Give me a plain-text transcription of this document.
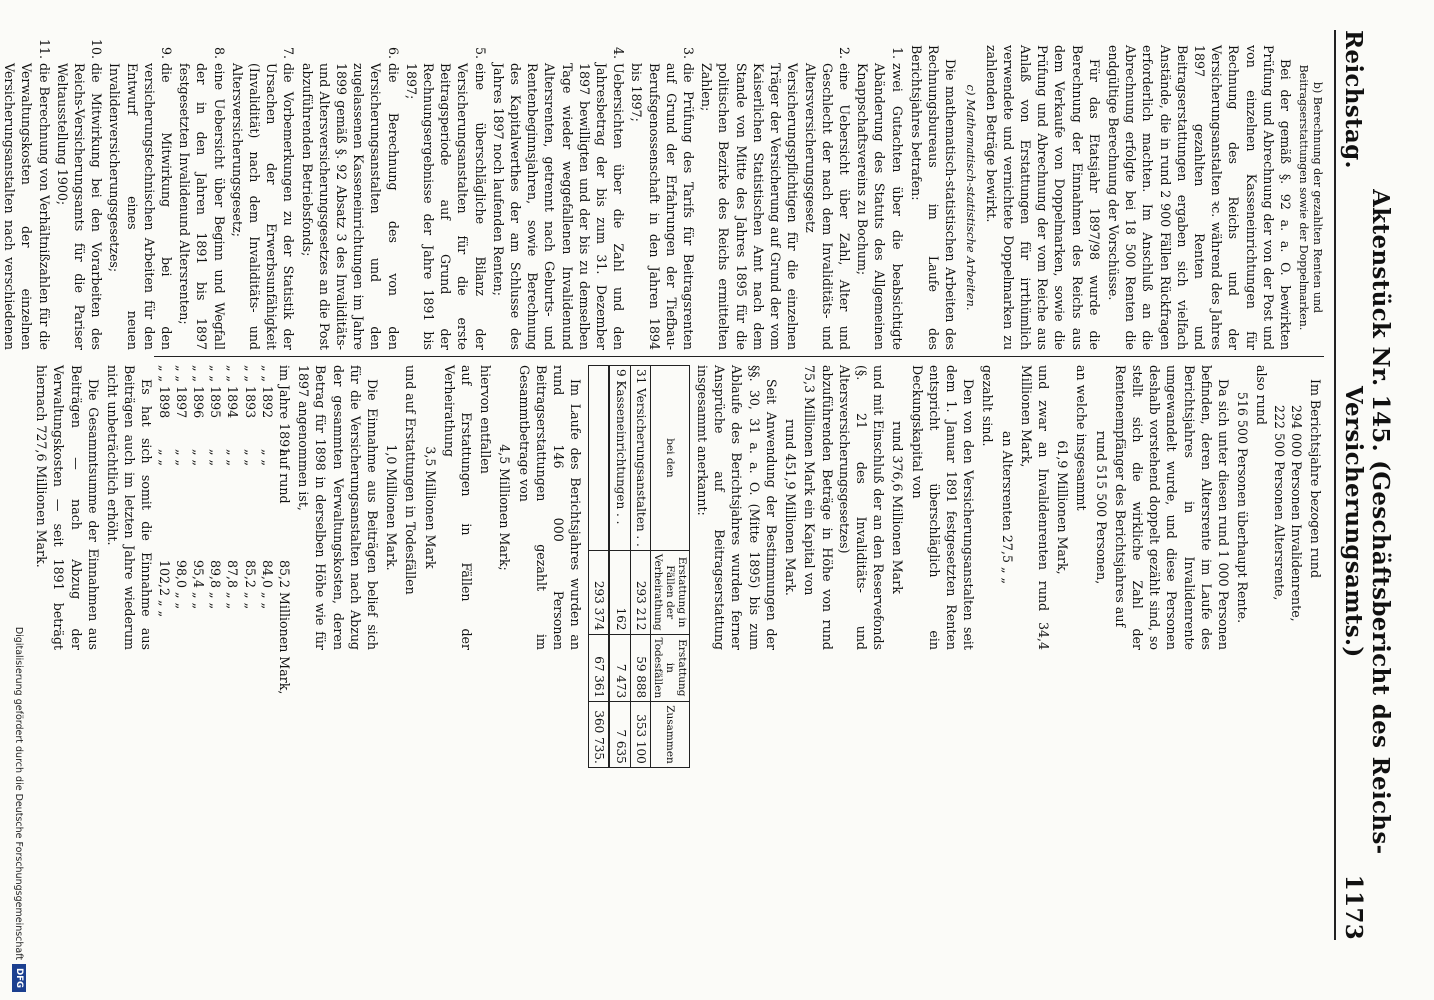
Reichstag.
Aktenstück Nr. 145. (Geschäftsbericht des Reichs-Versicherungsamts.)
1173

b) Berechnung der gezahlten Renten und Beitragserstattungen sowie der Doppelmarken.

Bei der gemäß §. 92 a. a. O. bewirkten Prüfung und Abrechnung der von der Post und von einzelnen Kasseneinrichtungen für Rechnung des Reichs und der Versicherungsanstalten ꝛc. während des Jahres 1897 gezahlten Renten und Beitragserstattungen ergaben sich vielfach Anstände, die in rund 2 900 Fällen Rückfragen erforderlich machten. Im Anschluß an die Abrechnung erfolgte bei 18 500 Renten die endgültige Berechnung der Vorschüsse.

Für das Etatsjahr 1897/98 wurde die Berechnung der Einnahmen des Reichs aus dem Verkaufe von Doppelmarken, sowie die Prüfung und Abrechnung der vom Reiche aus Anlaß von Erstattungen für irrthümlich verwendete und vernichtete Doppelmarken zu zahlenden Beträge bewirkt.

c) Mathematisch-statistische Arbeiten.

Die mathematisch-statistischen Arbeiten des Rechnungsbureaus im Laufe des Berichtsjahres betrafen:

1. zwei Gutachten über die beabsichtigte Abänderung des Statuts des Allgemeinen Knappschaftsvereins zu Bochum;
2. eine Uebersicht über Zahl, Alter und Geschlecht der nach dem Invaliditäts- und Altersversicherungsgesetz Versicherungspflichtigen für die einzelnen Träger der Versicherung auf Grund der vom Kaiserlichen Statistischen Amt nach dem Stande von Mitte des Jahres 1895 für die politischen Bezirke des Reichs ermittelten Zahlen;
3. die Prüfung des Tarifs für Beitragsrenten auf Grund der Erfahrungen der Tiefbau-Berufsgenossenschaft in den Jahren 1894 bis 1897;
4. Uebersichten über die Zahl und den Jahresbetrag der bis zum 31. Dezember 1897 bewilligten und der bis zu demselben Tage wieder weggefallenen Invalidenund Altersrenten, getrennt nach Geburts- und Rentenbeginnsjahren, sowie Berechnung des Kapitalwerthes der am Schlusse des Jahres 1897 noch laufenden Renten;
5. eine überschlägliche Bilanz der Versicherungsanstalten für die erste Beitragsperiode auf Grund der Rechnungsergebnisse der Jahre 1891 bis 1897;
6. die Berechnung des von den Versicherungsanstalten und den zugelassenen Kasseneinrichtungen im Jahre 1899 gemäß §. 92 Absatz 3 des Invaliditäts- und Altersversicherungsgesetzes an die Post abzuführenden Betriebsfonds;
7. die Vorbemerkungen zu der Statistik der Ursachen der Erwerbsunfähigkeit (Invalidität) nach dem Invaliditäts- und Altersversicherungsgesetz;
8. eine Uebersicht über Beginn und Wegfall der in den Jahren 1891 bis 1897 festgesetzten Invalidenund Altersrenten;
9. die Mitwirkung bei den versicherungstechnischen Arbeiten für den Entwurf eines neuen Invalidenversicherungsgesetzes;
10. die Mitwirkung bei den Vorarbeiten des Reichs-Versicherungsamts für die Pariser Weltausstellung 1900;
11. die Berechnung von Verhältnißzahlen für die Verwaltungskosten der einzelnen Versicherungsanstalten nach verschiedenen

Im Berichtsjahre bezogen rund

294 000 Personen Invalidenrente,
222 500 Personen Altersrente,

also rund

516 500 Personen überhaupt Rente.

Da sich unter diesen rund 1 000 Personen befinden, deren Altersrente im Laufe des Berichtsjahres in Invalidenrente umgewandelt wurde, und diese Personen deshalb vorstehend doppelt gezählt sind, so stellt sich die wirkliche Zahl der Rentenempfänger des Berichtsjahres auf

rund 515 500 Personen,

an welche insgesammt

61,9 Millionen Mark,

und zwar an Invalidenrenten rund 34,4 Millionen Mark,

an Altersrenten 27,5 „ „

gezahlt sind.

Den von den Versicherungsanstalten seit dem 1. Januar 1891 festgesetzten Renten entspricht überschläglich ein Deckungskapital von

rund 376,6 Millionen Mark

und mit Einschluß der an den Reservefonds (§. 21 des Invaliditäts- und Altersversicherungsgesetzes) abzuführenden Beträge in Höhe von rund 75,3 Millionen Mark ein Kapital von

rund 451,9 Millionen Mark.

Seit Anwendung der Bestimmungen der §§. 30, 31 a. a. O. (Mitte 1895) bis zum Ablaufe des Berichtsjahres wurden ferner Ansprüche auf Beitragserstattung insgesammt anerkannt:

bei den	Erstattung in Fällen der Verheirathung	Erstattung in Todesfällen	Zusammen
31 Versicherungsanstalten . .	293 212	59 888	353 100
9 Kasseneinrichtungen . .	162	7 473	7 635
	293 374	67 361	360 735.

Im Laufe des Berichtsjahres wurden an rund 146 000 Personen Beitragserstattungen gezahlt im Gesammtbetrage von

4,5 Millionen Mark;

hiervon entfallen

auf Erstattungen in Fällen der Verheirathung

3,5 Millionen Mark

und auf Erstattungen in Todesfällen

1,0 Millionen Mark.

Die Einnahme aus Beiträgen belief sich für die Versicherungsanstalten nach Abzug der gesammten Verwaltungskosten, deren Betrag für 1898 in derselben Höhe wie für 1897 angenommen ist,

im Jahre 1891
auf rund
85,2 Millionen Mark,
„ „ 1892
„ „
84,0 „ „
„ „ 1893
„ „
85,2 „ „
„ „ 1894
„ „
87,8 „ „
„ „ 1895
„ „
89,8 „ „
„ „ 1896
„ „
95,4 „ „
„ „ 1897
„ „
98,0 „ „
„ „ 1898
„ „
102,2 „ „

Es hat sich somit die Einnahme aus Beiträgen auch im letzten Jahre wiederum nicht unbeträchtlich erhöht.

Die Gesammtsumme der Einnahmen aus Beiträgen — nach Abzug der Verwaltungskosten — seit 1891 beträgt hiernach 727,6 Millionen Mark.

Digitalisierung gefördert durch die Deutsche Forschungsgemeinschaft
DFG
